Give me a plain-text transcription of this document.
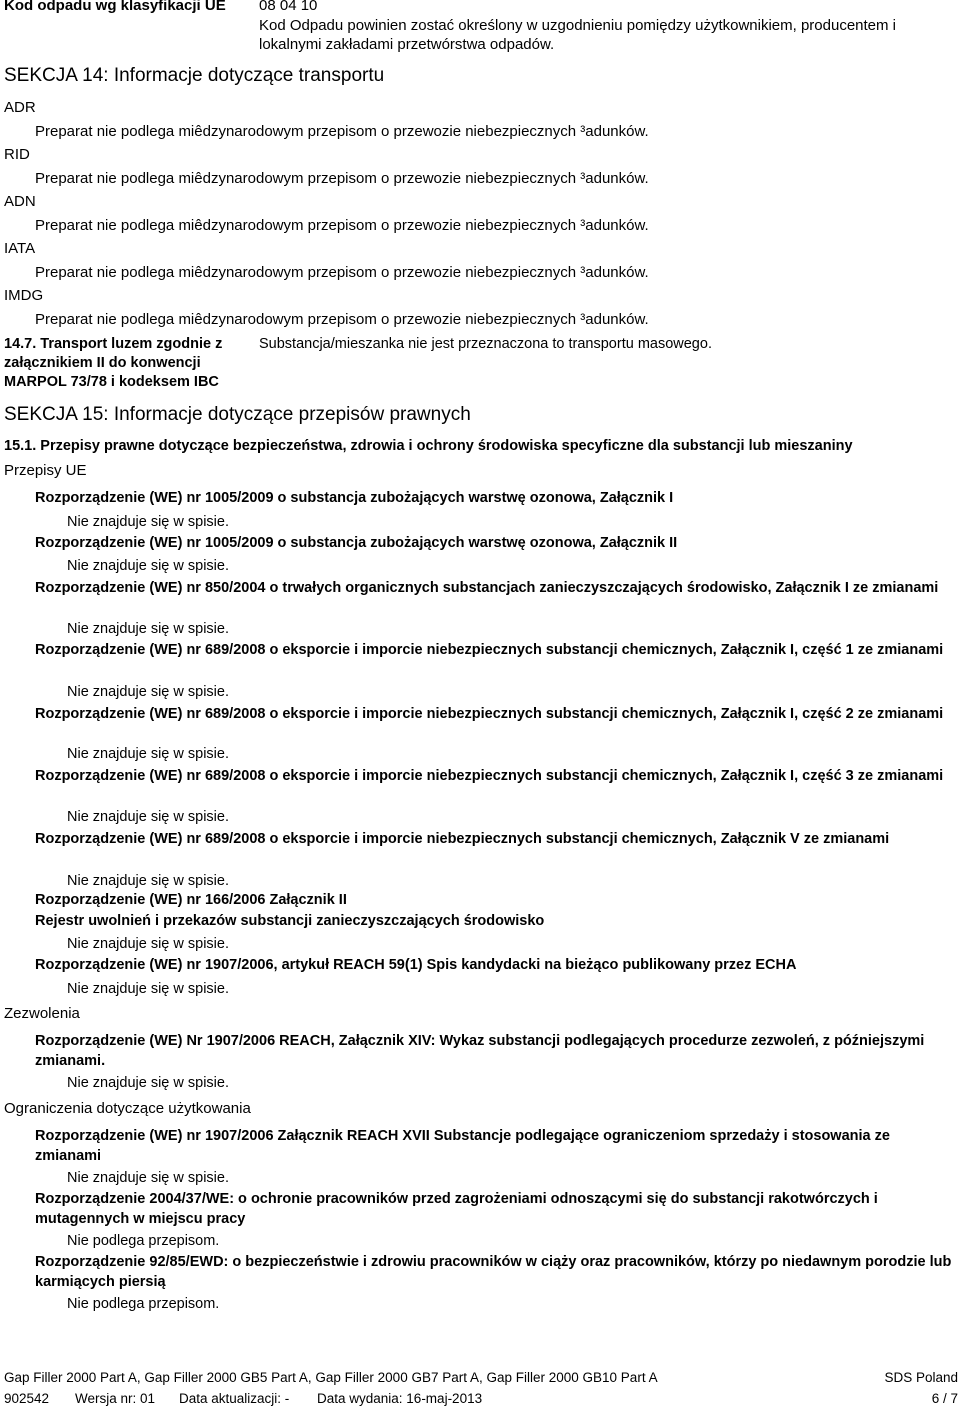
Kod odpadu wg klasyfikacji UE 08 04 10
Kod Odpadu powinien zostać określony w uzgodnieniu pomiędzy użytkownikiem, producentem i lokalnymi zakładami przetwórstwa odpadów.
SEKCJA 14: Informacje dotyczące transportu
ADR
Preparat nie podlega miêdzynarodowym przepisom o przewozie niebezpiecznych ³adunków.
RID
Preparat nie podlega miêdzynarodowym przepisom o przewozie niebezpiecznych ³adunków.
ADN
Preparat nie podlega miêdzynarodowym przepisom o przewozie niebezpiecznych ³adunków.
IATA
Preparat nie podlega miêdzynarodowym przepisom o przewozie niebezpiecznych ³adunków.
IMDG
Preparat nie podlega miêdzynarodowym przepisom o przewozie niebezpiecznych ³adunków.
14.7. Transport luzem zgodnie z
załącznikiem II do konwencji
MARPOL 73/78 i kodeksem IBC
Substancja/mieszanka nie jest przeznaczona to transportu masowego.
SEKCJA 15: Informacje dotyczące przepisów prawnych
15.1. Przepisy prawne dotyczące bezpieczeństwa, zdrowia i ochrony środowiska specyficzne dla substancji lub mieszaniny
Przepisy UE
Rozporządzenie (WE) nr 1005/2009 o substancja zubożających warstwę ozonowa, Załącznik I
Nie znajduje się w spisie.
Rozporządzenie (WE) nr 1005/2009 o substancja zubożających warstwę ozonowa, Załącznik II
Nie znajduje się w spisie.
Rozporządzenie (WE) nr 850/2004 o trwałych organicznych substancjach zanieczyszczających środowisko, Załącznik I ze zmianami
Nie znajduje się w spisie.
Rozporządzenie (WE) nr 689/2008 o eksporcie i imporcie niebezpiecznych substancji chemicznych, Załącznik I, część 1 ze zmianami
Nie znajduje się w spisie.
Rozporządzenie (WE) nr 689/2008 o eksporcie i imporcie niebezpiecznych substancji chemicznych, Załącznik I, część 2 ze zmianami
Nie znajduje się w spisie.
Rozporządzenie (WE) nr 689/2008 o eksporcie i imporcie niebezpiecznych substancji chemicznych, Załącznik I, część 3 ze zmianami
Nie znajduje się w spisie.
Rozporządzenie (WE) nr 689/2008 o eksporcie i imporcie niebezpiecznych substancji chemicznych, Załącznik V ze zmianami
Nie znajduje się w spisie.
Rozporządzenie (WE) nr 166/2006 Załącznik II
Rejestr uwolnień i przekazów substancji zanieczyszczających środowisko
Nie znajduje się w spisie.
Rozporządzenie (WE) nr 1907/2006, artykuł REACH 59(1) Spis kandydacki na bieżąco publikowany przez ECHA
Nie znajduje się w spisie.
Zezwolenia
Rozporządzenie (WE) Nr 1907/2006 REACH, Załącznik XIV: Wykaz substancji podlegających procedurze zezwoleń, z późniejszymi zmianami.
Nie znajduje się w spisie.
Ograniczenia dotyczące użytkowania
Rozporządzenie (WE) nr 1907/2006 Załącznik REACH XVII Substancje podlegające ograniczeniom sprzedaży i stosowania ze zmianami
Nie znajduje się w spisie.
Rozporządzenie 2004/37/WE: o ochronie pracowników przed zagrożeniami odnoszącymi się do substancji rakotwórczych i mutagennych w miejscu pracy
Nie podlega przepisom.
Rozporządzenie 92/85/EWD: o bezpieczeństwie i zdrowiu pracowników w ciąży oraz pracowników, którzy po niedawnym porodzie lub karmiących piersią
Nie podlega przepisom.
Gap Filler 2000 Part A, Gap Filler 2000 GB5 Part A, Gap Filler 2000 GB7 Part A, Gap Filler 2000 GB10 Part A	SDS Poland
902542 Wersja nr: 01 Data aktualizacji: - Data wydania: 16-maj-2013	6 / 7
